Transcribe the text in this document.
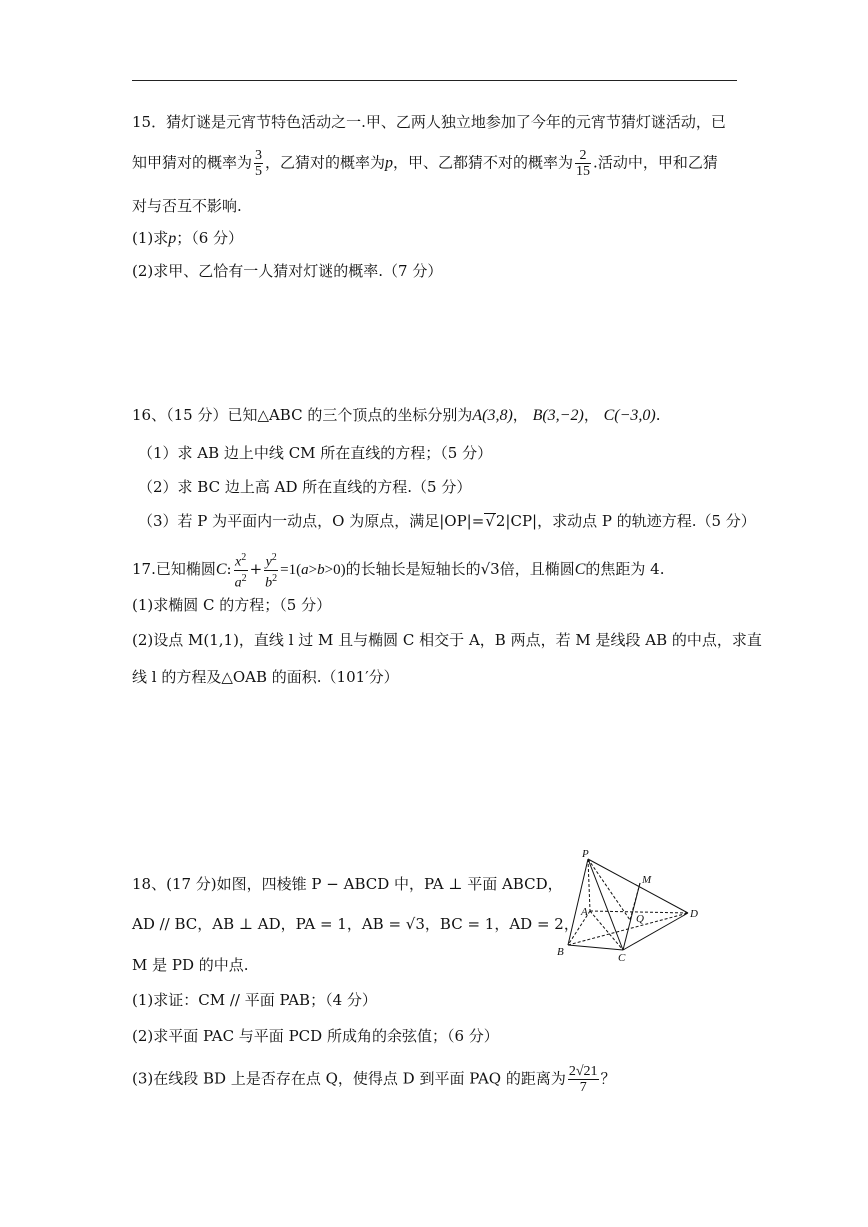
15．猜灯谜是元宵节特色活动之一.甲、乙两人独立地参加了今年的元宵节猜灯谜活动，已
知甲猜对的概率为 $\frac{3}{5}$ ，乙猜对的概率为p，甲、乙都猜不对的概率为 $\frac{2}{15}$ .活动中，甲和乙猜
对与否互不影响.
(1)求p；（6 分）
(2)求甲、乙恰有一人猜对灯谜的概率.（7 分）
16、（15 分）已知△ABC 的三个顶点的坐标分别为A(3,8)， B(3,−2)， C(−3,0).
（1）求 AB 边上中线 CM 所在直线的方程；（5 分）
（2）求 BC 边上高 AD 所在直线的方程.（5 分）
（3）若 P 为平面内一动点，O 为原点，满足|OP|=√2|CP|，求动点 P 的轨迹方程.（5 分）
17.已知椭圆C: $\frac{x^2}{a^2} + \frac{y^2}{b^2} =1(a>b>0)$的长轴长是短轴长的√3倍，且椭圆C的焦距为 4.
(1)求椭圆 C 的方程；（5 分）
(2)设点 M(1,1)，直线 l 过 M 且与椭圆 C 相交于 A，B 两点，若 M 是线段 AB 的中点，求直
线 l 的方程及△OAB 的面积.（101′分）
18、(17 分)如图，四棱锥 P − ABCD 中，PA ⊥ 平面 ABCD，
AD // BC，AB ⊥ AD，PA = 1，AB = √3，BC = 1，AD = 2，
M 是 PD 的中点.
(1)求证：CM // 平面 PAB；（4 分）
(2)求平面 PAC 与平面 PCD 所成角的余弦值；（6 分）
(3)在线段 BD 上是否存在点 Q，使得点 D 到平面 PAQ 的距离为 $\frac{2√21}{7}$ ？
P
M
A
Q	D
B	C
